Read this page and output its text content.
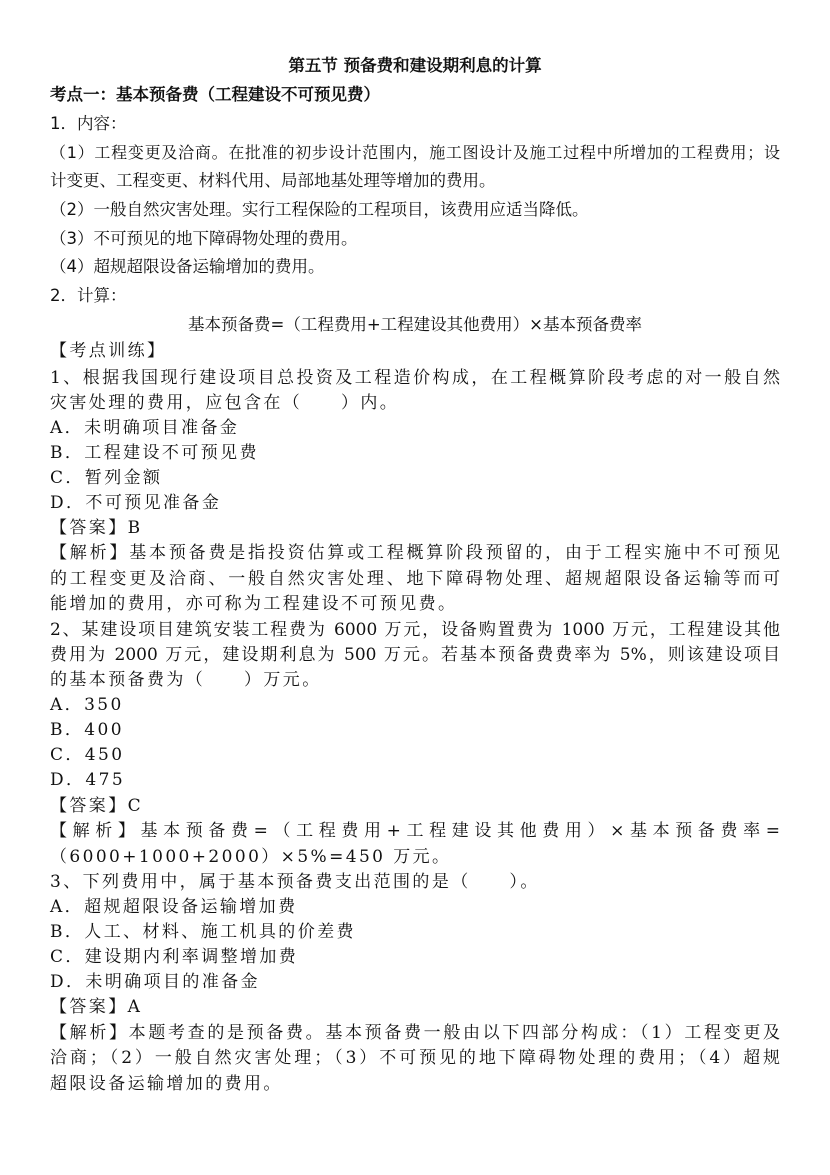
第五节 预备费和建设期利息的计算
考点一：基本预备费（工程建设不可预见费）
1．内容：
（1）工程变更及洽商。在批准的初步设计范围内，施工图设计及施工过程中所增加的工程费用；设
计变更、工程变更、材料代用、局部地基处理等增加的费用。
（2）一般自然灾害处理。实行工程保险的工程项目，该费用应适当降低。
（3）不可预见的地下障碍物处理的费用。
（4）超规超限设备运输增加的费用。
2．计算：
基本预备费=（工程费用+工程建设其他费用）×基本预备费率
【考点训练】
1、根据我国现行建设项目总投资及工程造价构成，在工程概算阶段考虑的对一般自然
灾害处理的费用，应包含在（　　）内。
A．未明确项目准备金
B．工程建设不可预见费
C．暂列金额
D．不可预见准备金
【答案】B
【解析】基本预备费是指投资估算或工程概算阶段预留的，由于工程实施中不可预见
的工程变更及洽商、一般自然灾害处理、地下障碍物处理、超规超限设备运输等而可
能增加的费用，亦可称为工程建设不可预见费。
2、某建设项目建筑安装工程费为 6000 万元，设备购置费为 1000 万元，工程建设其他
费用为 2000 万元，建设期利息为 500 万元。若基本预备费费率为 5%，则该建设项目
的基本预备费为（　　）万元。
A．350
B．400
C．450
D．475
【答案】C
【解析】基本预备费=（工程费用+工程建设其他费用）×基本预备费率=
（6000+1000+2000）×5%=450 万元。
3、下列费用中，属于基本预备费支出范围的是（　　）。
A．超规超限设备运输增加费
B．人工、材料、施工机具的价差费
C．建设期内利率调整增加费
D．未明确项目的准备金
【答案】A
【解析】本题考查的是预备费。基本预备费一般由以下四部分构成：（1）工程变更及
洽商；（2）一般自然灾害处理；（3）不可预见的地下障碍物处理的费用；（4）超规
超限设备运输增加的费用。
